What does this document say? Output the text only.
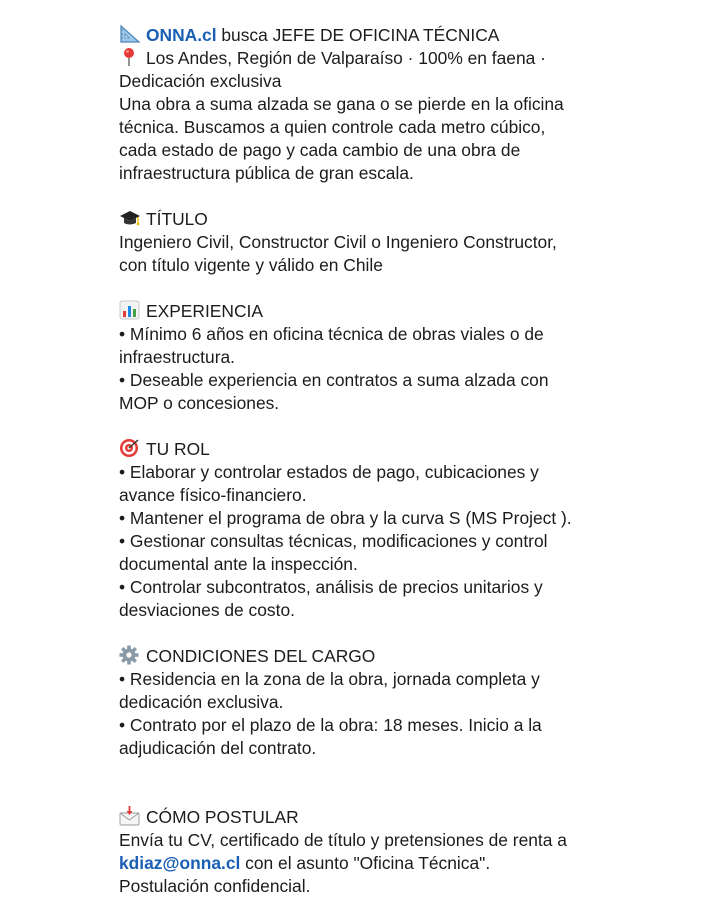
ONNA.cl busca JEFE DE OFICINA TÉCNICA
Los Andes, Región de Valparaíso · 100% en faena ·
Dedicación exclusiva
Una obra a suma alzada se gana o se pierde en la oficina
técnica. Buscamos a quien controle cada metro cúbico,
cada estado de pago y cada cambio de una obra de
infraestructura pública de gran escala.
TÍTULO
Ingeniero Civil, Constructor Civil o Ingeniero Constructor,
con título vigente y válido en Chile
EXPERIENCIA
• Mínimo 6 años en oficina técnica de obras viales o de
infraestructura.
• Deseable experiencia en contratos a suma alzada con
MOP o concesiones.
TU ROL
• Elaborar y controlar estados de pago, cubicaciones y
avance físico-financiero.
• Mantener el programa de obra y la curva S (MS Project ).
• Gestionar consultas técnicas, modificaciones y control
documental ante la inspección.
• Controlar subcontratos, análisis de precios unitarios y
desviaciones de costo.
CONDICIONES DEL CARGO
• Residencia en la zona de la obra, jornada completa y
dedicación exclusiva.
• Contrato por el plazo de la obra: 18 meses. Inicio a la
adjudicación del contrato.
CÓMO POSTULAR
Envía tu CV, certificado de título y pretensiones de renta a
kdiaz@onna.cl con el asunto "Oficina Técnica".
Postulación confidencial.
